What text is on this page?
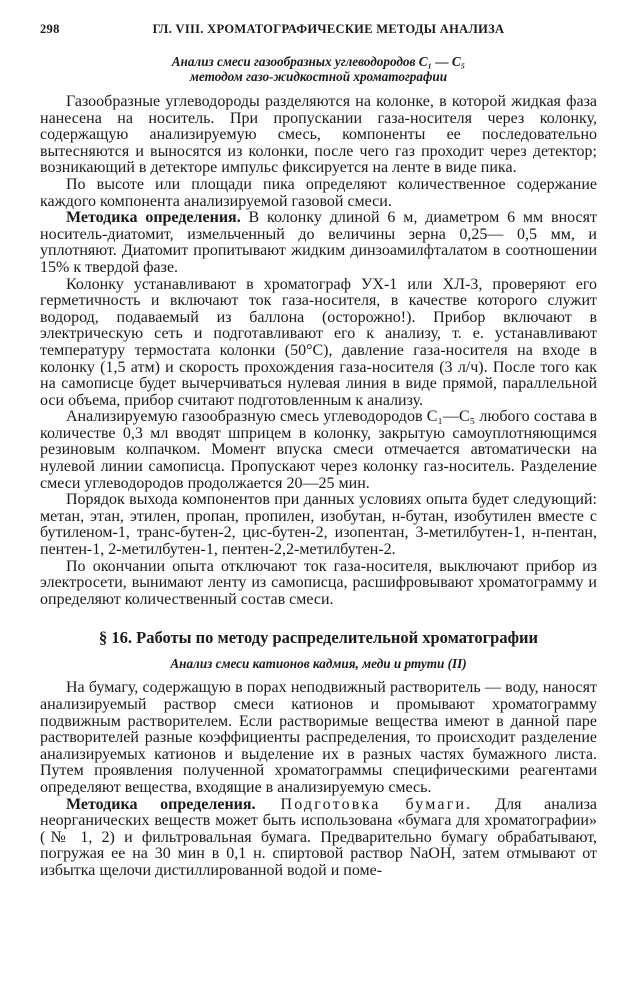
298	ГЛ. VIII. ХРОМАТОГРАФИЧЕСКИЕ МЕТОДЫ АНАЛИЗА
Анализ смеси газообразных углеводородов C₁ — C₅
методом газо-жидкостной хроматографии

Газообразные углеводороды разделяются на колонке, в которой жидкая фаза нанесена на носитель. При пропускании газа-носителя через колонку, содержащую анализируемую смесь, компоненты ее последовательно вытесняются и выносятся из колонки, после чего газ проходит через детектор; возникающий в детекторе импульс фиксируется на ленте в виде пика.

По высоте или площади пика определяют количественное содержание каждого компонента анализируемой газовой смеси.

Методика определения. В колонку длиной 6 м, диаметром 6 мм вносят носитель-диатомит, измельченный до величины зерна 0,25— 0,5 мм, и уплотняют. Диатомит пропитывают жидким динзоамилфталатом в соотношении 15% к твердой фазе.

Колонку устанавливают в хроматограф УХ-1 или ХЛ-3, проверяют его герметичность и включают ток газа-носителя, в качестве которого служит водород, подаваемый из баллона (осторожно!). Прибор включают в электрическую сеть и подготавливают его к анализу, т. е. устанавливают температуру термостата колонки (50°C), давление газа-носителя на входе в колонку (1,5 атм) и скорость прохождения газа-носителя (3 л/ч). После того как на самописце будет вычерчиваться нулевая линия в виде прямой, параллельной оси объема, прибор считают подготовленным к анализу.

Анализируемую газообразную смесь углеводородов C₁—C₅ любого состава в количестве 0,3 мл вводят шприцем в колонку, закрытую самоуплотняющимся резиновым колпачком. Момент впуска смеси отмечается автоматически на нулевой линии самописца. Пропускают через колонку газ-носитель. Разделение смеси углеводородов продолжается 20—25 мин.

Порядок выхода компонентов при данных условиях опыта будет следующий: метан, этан, этилен, пропан, пропилен, изобутан, н-бутан, изобутилен вместе с бутиленом-1, транс-бутен-2, цис-бутен-2, изопентан, 3-метилбутен-1, н-пентан, пентен-1, 2-метилбутен-1, пентен-2,2-метилбутен-2.

По окончании опыта отключают ток газа-носителя, выключают прибор из электросети, вынимают ленту из самописца, расшифровывают хроматограмму и определяют количественный состав смеси.

§ 16. Работы по методу распределительной хроматографии
Анализ смеси катионов кадмия, меди и ртути (II)

На бумагу, содержащую в порах неподвижный растворитель — воду, наносят анализируемый раствор смеси катионов и промывают хроматограмму подвижным растворителем. Если растворимые вещества имеют в данной паре растворителей разные коэффициенты распределения, то происходит разделение анализируемых катионов и выделение их в разных частях бумажного листа. Путем проявления полученной хроматограммы специфическими реагентами определяют вещества, входящие в анализируемую смесь.

Методика определения. Подготовка бумаги. Для анализа неорганических веществ может быть использована «бумага для хроматографии» (№ 1, 2) и фильтровальная бумага. Предварительно бумагу обрабатывают, погружая ее на 30 мин в 0,1 н. спиртовой раствор NaOH, затем отмывают от избытка щелочи дистиллированной водой и поме-
